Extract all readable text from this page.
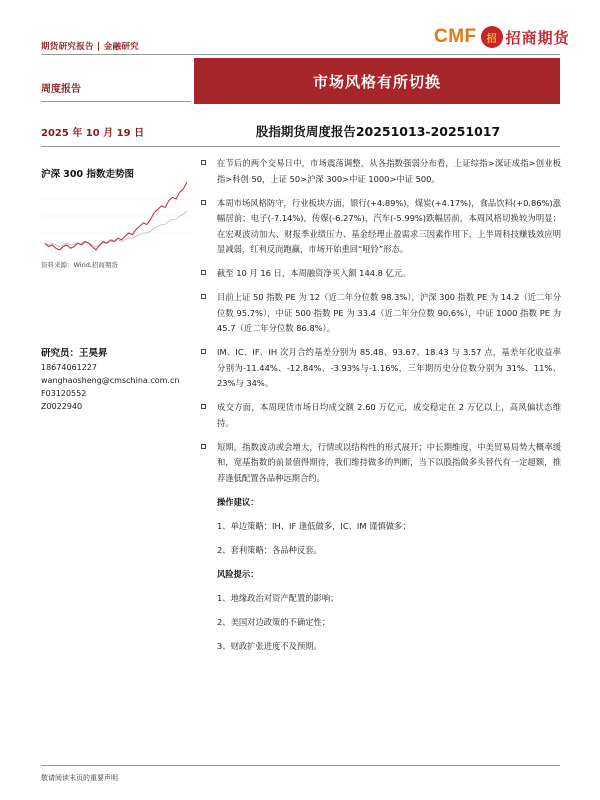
期货研究报告 | 金融研究	CMF	招 招商期货
周度报告	市场风格有所切换
2025 年 10 月 19 日	股指期货周度报告20251013-20251017
沪深 300 指数走势图
资料来源：Wind,招商期货
研究员：王昊昇
18674061227
wanghaosheng@cmschina.com.cn
F03120552
Z0022940
在节后的两个交易日中，市场震荡调整，从各指数强弱分布看，上证综指>深证成指>创业板指>科创 50，上证 50>沪深 300>中证 1000>中证 500。
本周市场风格防守，行业板块方面，银行(+4.89%)，煤炭(+4.17%)，食品饮料(+0.86%)涨幅居前；电子(-7.14%)，传媒(-6.27%)，汽车(-5.99%)跌幅居前，本周风格切换较为明显；在宏观波动加大、财报季业绩压力、基金经理止盈需求三因素作用下，上半周科技赚钱效应明显减弱，红利反而跑赢，市场开始重回“哑铃”形态。
截至 10 月 16 日，本周融资净买入额 144.8 亿元。
目前上证 50 指数 PE 为 12（近二年分位数 98.3%），沪深 300 指数 PE 为 14.2（近二年分位数 95.7%），中证 500 指数 PE 为 33.4（近二年分位数 90.6%），中证 1000 指数 PE 为 45.7（近二年分位数 86.8%）。
IM、IC、IF、IH 次月合约基差分别为 85.48、93.67、18.43 与 3.57 点，基差年化收益率分别为-11.44%、-12.84%、-3.93%与-1.16%，三年期历史分位数分别为 31%、11%、23%与 34%。
成交方面，本周现货市场日均成交额 2.60 万亿元，成交稳定在 2 万亿以上，高风偏状态维持。
短期，指数波动或会增大，行情或以结构性的形式展开；中长期维度，中美贸易局势大概率缓和，宽基指数的前景值得期待，我们维持做多的判断，当下以股指做多头替代有一定超额，推荐逢低配置各品种远期合约。
操作建议：
1、单边策略：IH、IF 逢低做多，IC、IM 谨慎做多；
2、套利策略：各品种反套。
风险提示：
1、地缘政治对资产配置的影响；
2、美国对边政策的不确定性；
3、财政扩张进度不及预期。
敬请阅读末页的重要声明
